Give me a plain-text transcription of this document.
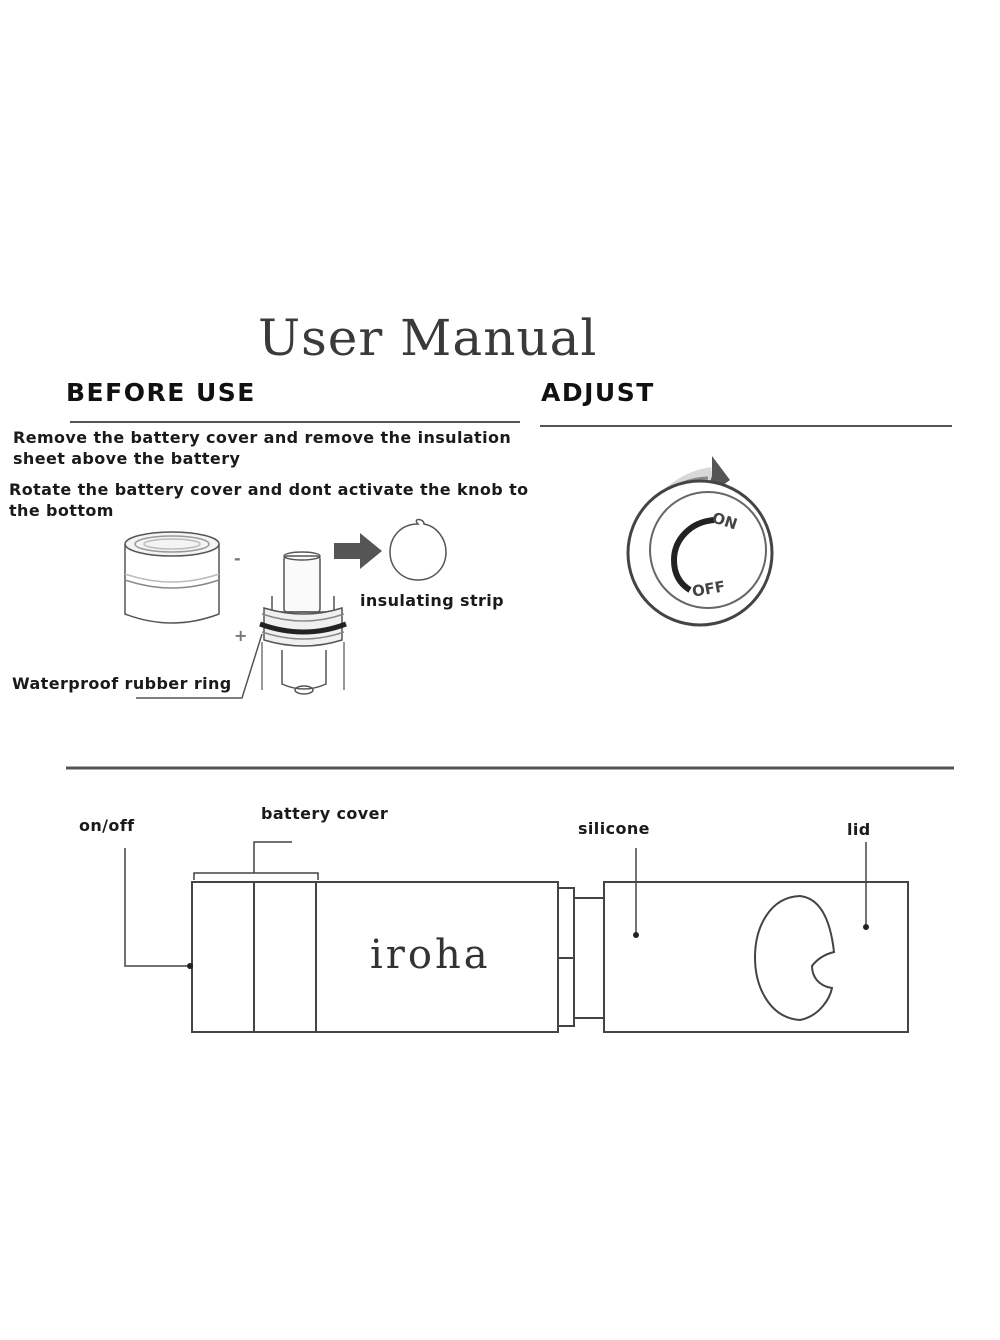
User Manual
BEFORE USE	ADJUST
Remove the battery cover and remove the insulation sheet above the battery
Rotate the battery cover and dont activate the knob to the bottom
-
+
insulating strip
Waterproof rubber ring
ON
OFF
on/off
battery cover
silicone	lid
iroha
